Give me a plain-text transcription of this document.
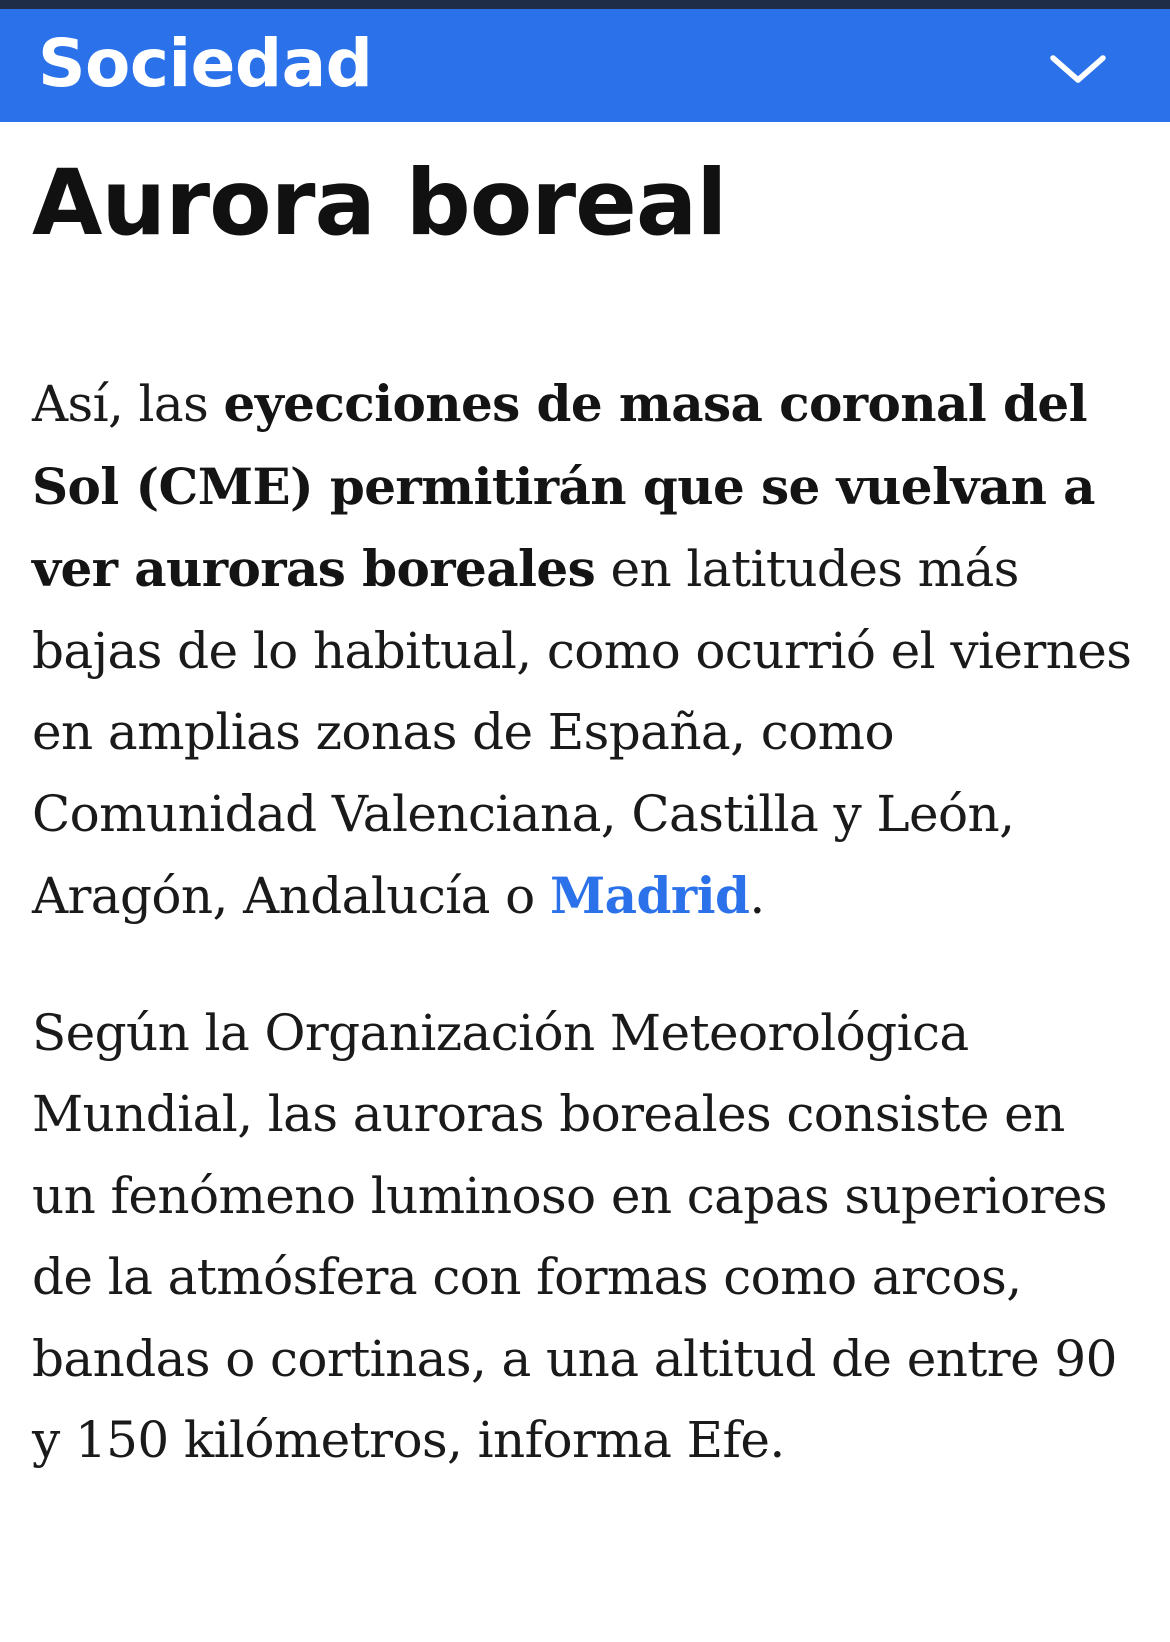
Sociedad
Aurora boreal

Así, las eyecciones de masa coronal del Sol (CME) permitirán que se vuelvan a ver auroras boreales en latitudes más bajas de lo habitual, como ocurrió el viernes en amplias zonas de España, como Comunidad Valenciana, Castilla y León, Aragón, Andalucía o Madrid.

Según la Organización Meteorológica Mundial, las auroras boreales consiste en un fenómeno luminoso en capas superiores de la atmósfera con formas como arcos, bandas o cortinas, a una altitud de entre 90 y 150 kilómetros, informa Efe.
